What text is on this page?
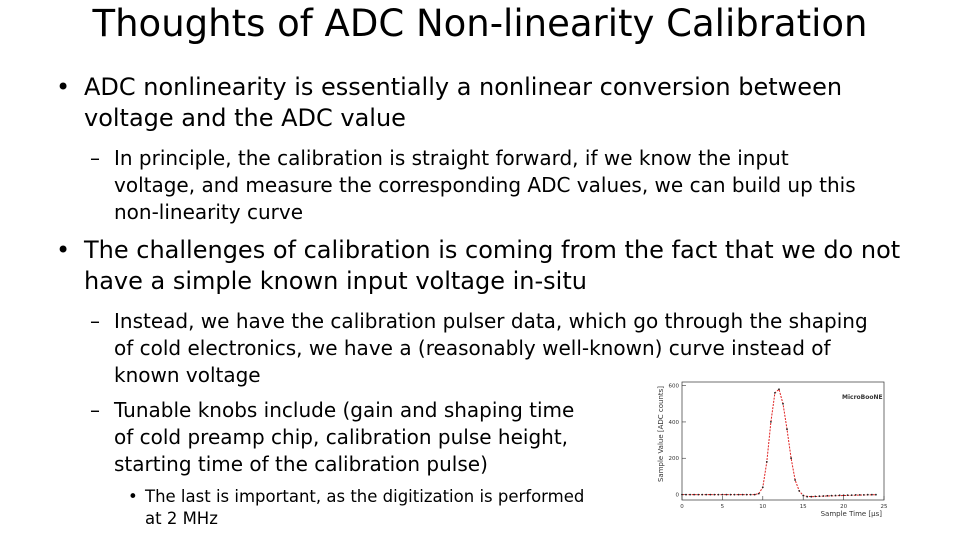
Thoughts of ADC Non-linearity Calibration
• ADC nonlinearity is essentially a nonlinear conversion between
voltage and the ADC value
– In principle, the calibration is straight forward, if we know the input
voltage, and measure the corresponding ADC values, we can build up this
non-linearity curve
• The challenges of calibration is coming from the fact that we do not
have a simple known input voltage in-situ
– Instead, we have the calibration pulser data, which go through the shaping
of cold electronics, we have a (reasonably well-known) curve instead of
known voltage
– Tunable knobs include (gain and shaping time
of cold preamp chip, calibration pulse height,
starting time of the calibration pulse)
• The last is important, as the digitization is performed
at 2 MHz
0	5	10	15	20	25
0
200
400
600
MicroBooNE
Sample Time [μs]
Sample Value [ADC counts]
